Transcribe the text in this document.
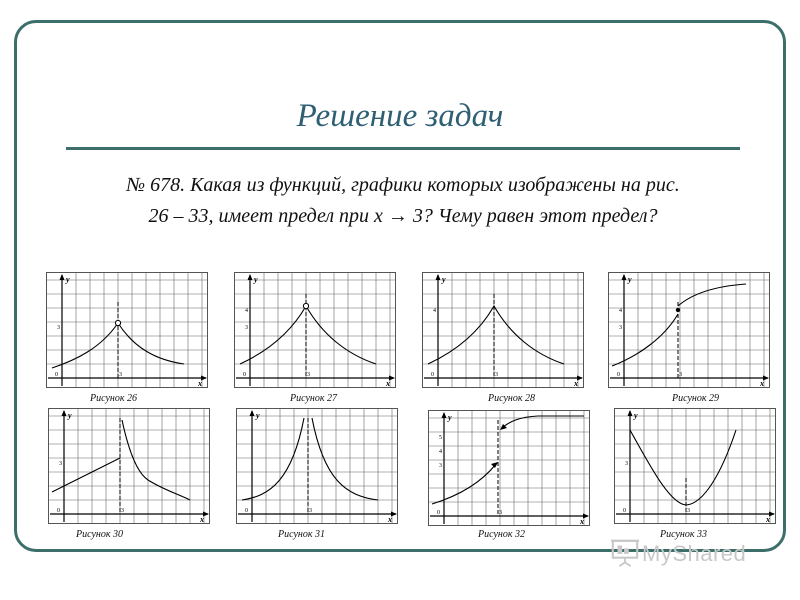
Решение задач
№ 678. Какая из функций, графики которых изображены на рис.
26 – 33, имеет предел при x → 3? Чему равен этот предел?
y
x
0	3
3
Рисунок 26
y
x
0	3
3
4
Рисунок 27
y
x
0	3
4
Рисунок 28
y
x
0	3
3
4
Рисунок 29
y
x
0	3
3
Рисунок 30
y
x
0	3
Рисунок 31
y
x
0	3
3
4
5
Рисунок 32
y
x
0	3
3
Рисунок 33
MyShared
